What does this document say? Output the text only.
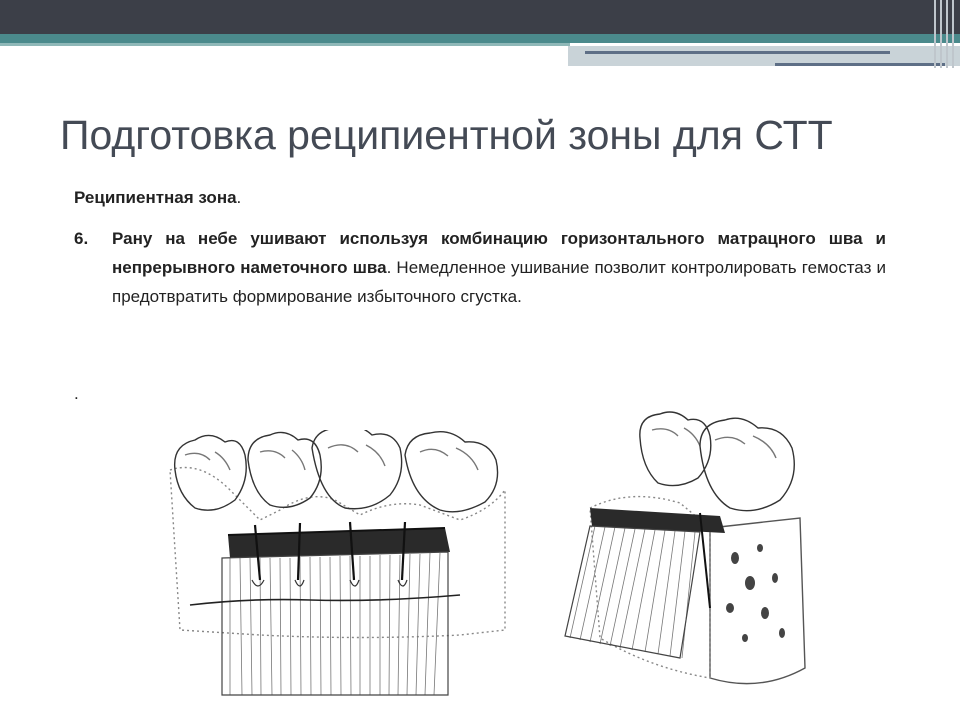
Подготовка реципиентной зоны для СТТ

Реципиентная зона.

6. Рану на небе ушивают используя комбинацию горизонтального матрацного шва и непрерывного наметочного шва. Немедленное ушивание позволит контролировать гемостаз и предотвратить формирование избыточного сгустка.
.
